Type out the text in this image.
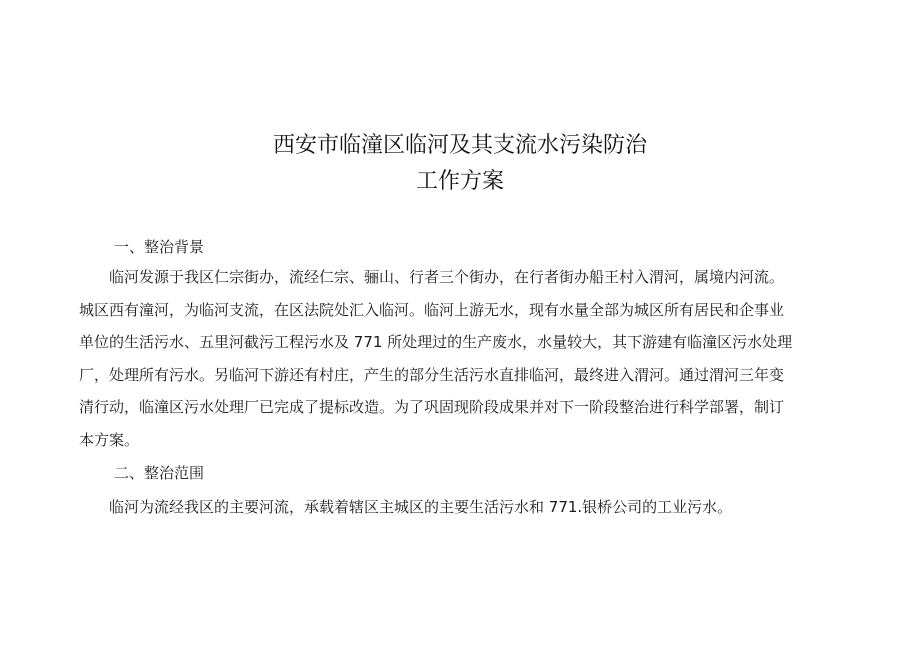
西安市临潼区临河及其支流水污染防治
工作方案
一、整治背景
　　临河发源于我区仁宗街办，流经仁宗、骊山、行者三个街办，在行者街办船王村入渭河，属境内河流。
城区西有潼河，为临河支流，在区法院处汇入临河。临河上游无水，现有水量全部为城区所有居民和企事业
单位的生活污水、五里河截污工程污水及 771 所处理过的生产废水，水量较大，其下游建有临潼区污水处理
厂，处理所有污水。另临河下游还有村庄，产生的部分生活污水直排临河，最终进入渭河。通过渭河三年变
清行动，临潼区污水处理厂已完成了提标改造。为了巩固现阶段成果并对下一阶段整治进行科学部署，制订
本方案。
二、整治范围
　　临河为流经我区的主要河流，承载着辖区主城区的主要生活污水和 771.银桥公司的工业污水。
